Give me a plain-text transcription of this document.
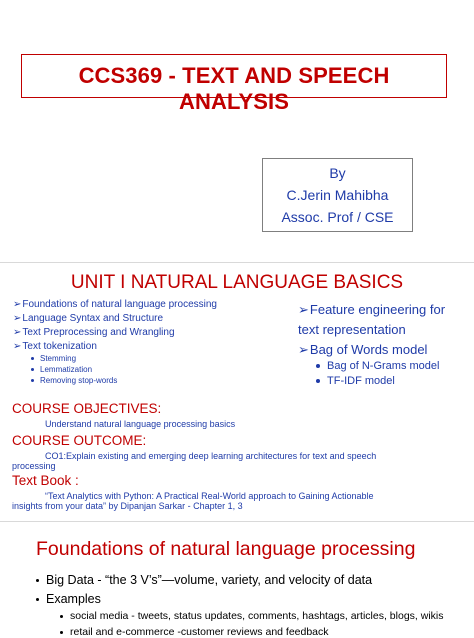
CCS369 - TEXT AND SPEECH ANALYSIS
By
C.Jerin Mahibha
Assoc. Prof / CSE
UNIT I NATURAL LANGUAGE BASICS
➢Foundations of natural language processing
➢Language Syntax and Structure
➢Text Preprocessing and Wrangling
➢Text tokenization
Stemming
Lemmatization
Removing stop-words
➢Feature engineering for
text representation
➢Bag of Words model
Bag of N-Grams model
TF-IDF model
COURSE OBJECTIVES:
Understand natural language processing basics
COURSE OUTCOME:
CO1:Explain existing and emerging deep learning architectures for text and speech
processing
Text Book :
“Text Analytics with Python: A Practical Real-World approach to Gaining Actionable
insights from your data” by Dipanjan Sarkar - Chapter 1, 3
Foundations of natural language processing
Big Data - “the 3 V’s”—volume, variety, and velocity of data
Examples
social media - tweets, status updates, comments, hashtags, articles, blogs, wikis
retail and e-commerce -customer reviews and feedback
